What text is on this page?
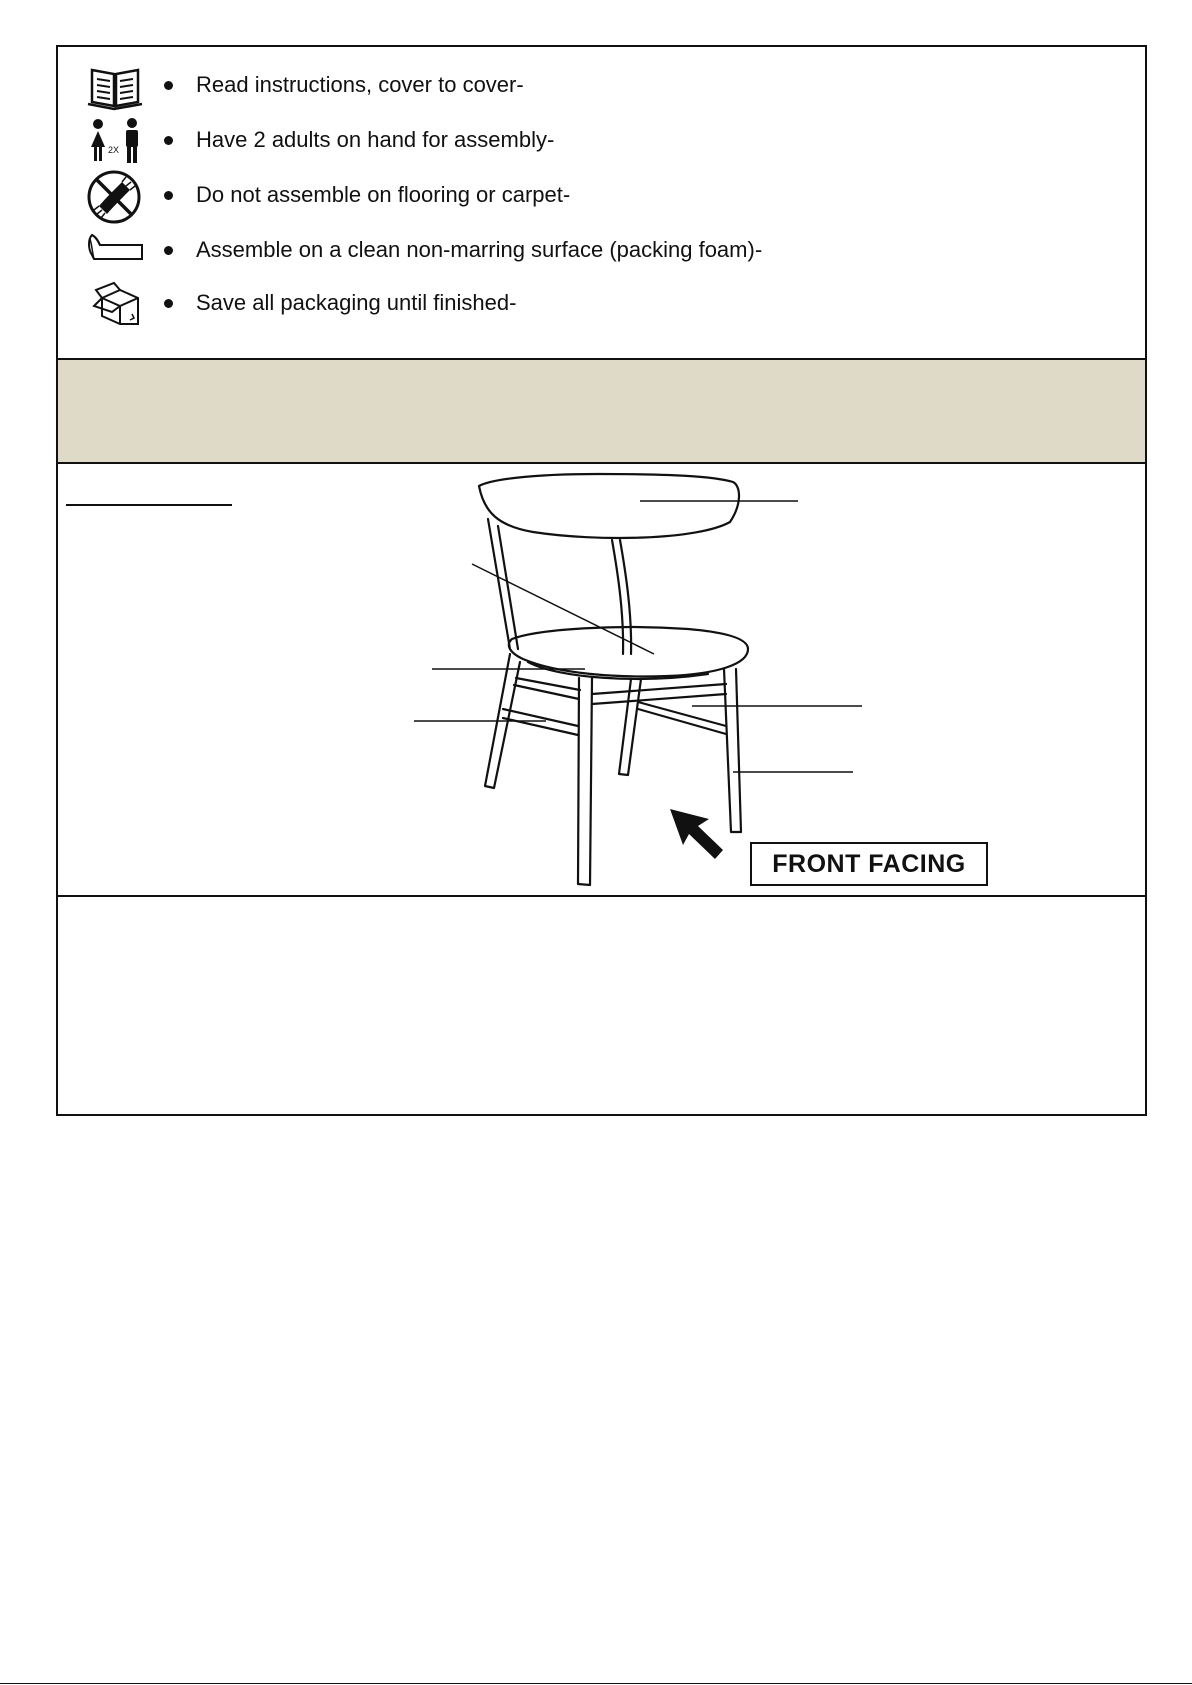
Read instructions, cover to cover-
2X	Have 2 adults on hand for assembly-
Do not assemble on flooring or carpet-
Assemble on a clean non-marring surface (packing foam)-
Save all packaging until finished-
FRONT FACING
